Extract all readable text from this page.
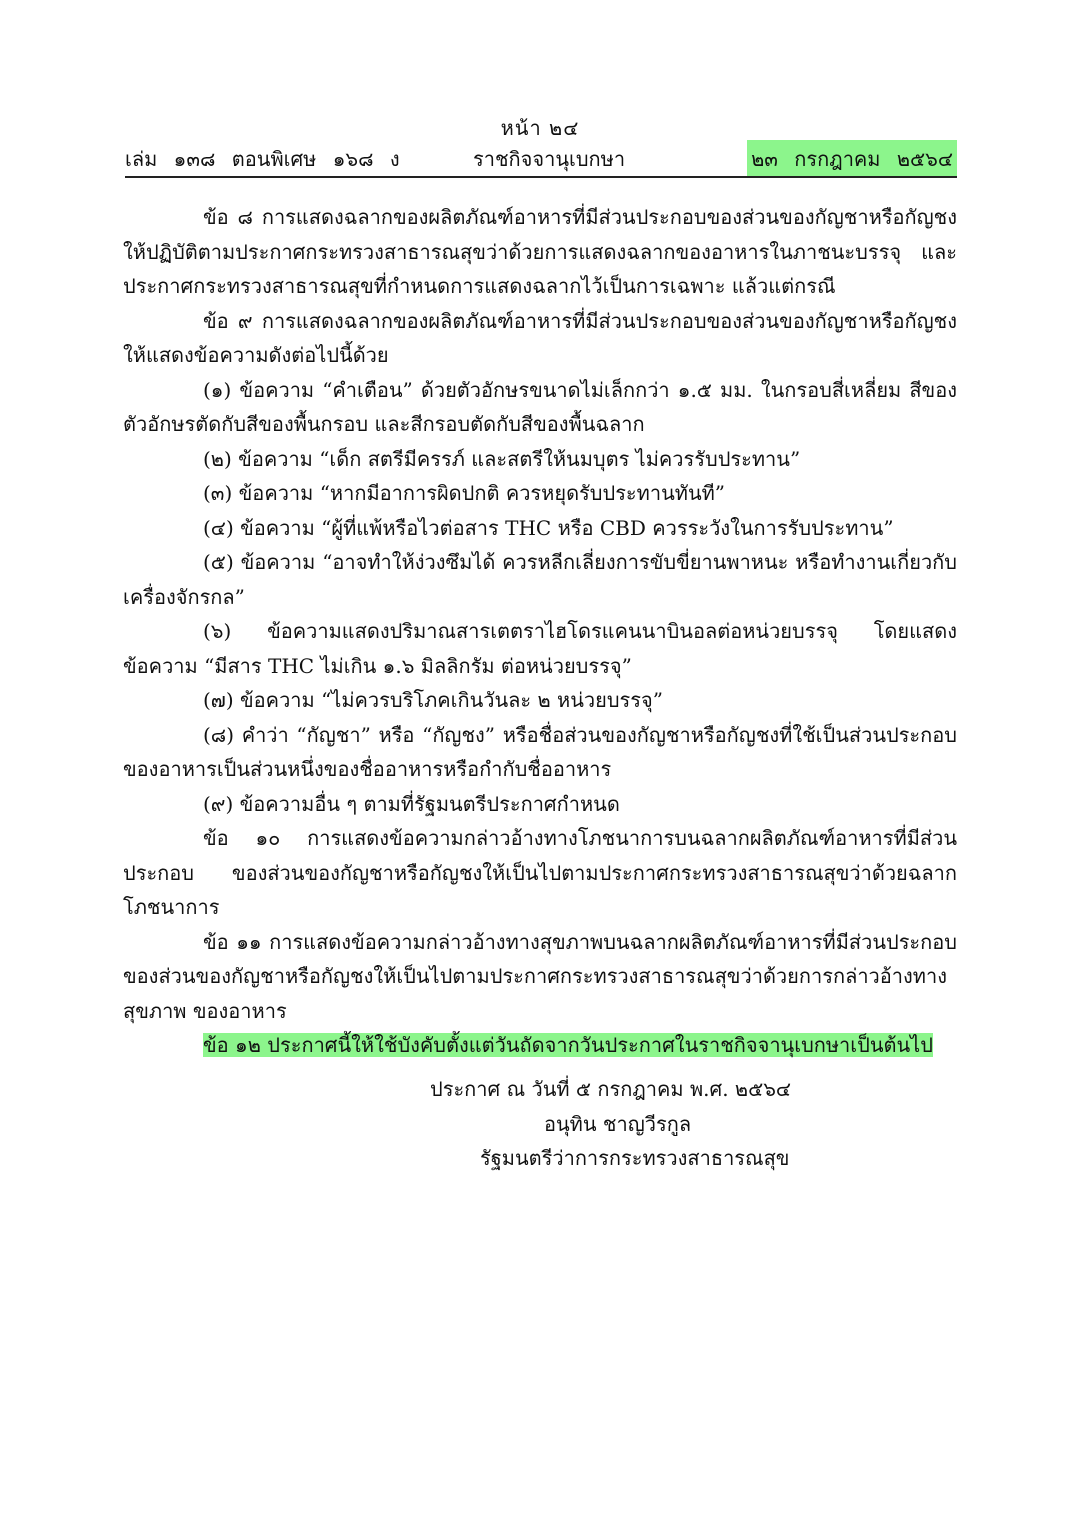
หน้า ๒๔
เล่ม ๑๓๘ ตอนพิเศษ ๑๖๘ ง	ราชกิจจานุเบกษา	๒๓ กรกฎาคม ๒๕๖๔

ข้อ ๘ การแสดงฉลากของผลิตภัณฑ์อาหารที่มีส่วนประกอบของส่วนของกัญชาหรือกัญชง ให้ปฏิบัติตามประกาศกระทรวงสาธารณสุขว่าด้วยการแสดงฉลากของอาหารในภาชนะบรรจุ และประกาศกระทรวงสาธารณสุขที่กำหนดการแสดงฉลากไว้เป็นการเฉพาะ แล้วแต่กรณี

ข้อ ๙ การแสดงฉลากของผลิตภัณฑ์อาหารที่มีส่วนประกอบของส่วนของกัญชาหรือกัญชง ให้แสดงข้อความดังต่อไปนี้ด้วย

(๑) ข้อความ “คำเตือน” ด้วยตัวอักษรขนาดไม่เล็กกว่า ๑.๕ มม. ในกรอบสี่เหลี่ยม สีของตัวอักษรตัดกับสีของพื้นกรอบ และสีกรอบตัดกับสีของพื้นฉลาก

(๒) ข้อความ “เด็ก สตรีมีครรภ์ และสตรีให้นมบุตร ไม่ควรรับประทาน”

(๓) ข้อความ “หากมีอาการผิดปกติ ควรหยุดรับประทานทันที”

(๔) ข้อความ “ผู้ที่แพ้หรือไวต่อสาร THC หรือ CBD ควรระวังในการรับประทาน”

(๕) ข้อความ “อาจทำให้ง่วงซึมได้ ควรหลีกเลี่ยงการขับขี่ยานพาหนะ หรือทำงานเกี่ยวกับ เครื่องจักรกล”

(๖) ข้อความแสดงปริมาณสารเตตราไฮโดรแคนนาบินอลต่อหน่วยบรรจุ โดยแสดงข้อความ “มีสาร THC ไม่เกิน ๑.๖ มิลลิกรัม ต่อหน่วยบรรจุ”

(๗) ข้อความ “ไม่ควรบริโภคเกินวันละ ๒ หน่วยบรรจุ”

(๘) คำว่า “กัญชา” หรือ “กัญชง” หรือชื่อส่วนของกัญชาหรือกัญชงที่ใช้เป็นส่วนประกอบ ของอาหารเป็นส่วนหนึ่งของชื่ออาหารหรือกำกับชื่ออาหาร

(๙) ข้อความอื่น ๆ ตามที่รัฐมนตรีประกาศกำหนด

ข้อ ๑๐ การแสดงข้อความกล่าวอ้างทางโภชนาการบนฉลากผลิตภัณฑ์อาหารที่มีส่วนประกอบ ของส่วนของกัญชาหรือกัญชงให้เป็นไปตามประกาศกระทรวงสาธารณสุขว่าด้วยฉลากโภชนาการ

ข้อ ๑๑ การแสดงข้อความกล่าวอ้างทางสุขภาพบนฉลากผลิตภัณฑ์อาหารที่มีส่วนประกอบ ของส่วนของกัญชาหรือกัญชงให้เป็นไปตามประกาศกระทรวงสาธารณสุขว่าด้วยการกล่าวอ้างทางสุขภาพ ของอาหาร

ข้อ ๑๒ ประกาศนี้ให้ใช้บังคับตั้งแต่วันถัดจากวันประกาศในราชกิจจานุเบกษาเป็นต้นไป

ประกาศ ณ วันที่ ๕ กรกฎาคม พ.ศ. ๒๕๖๔
อนุทิน ชาญวีรกูล
รัฐมนตรีว่าการกระทรวงสาธารณสุข
